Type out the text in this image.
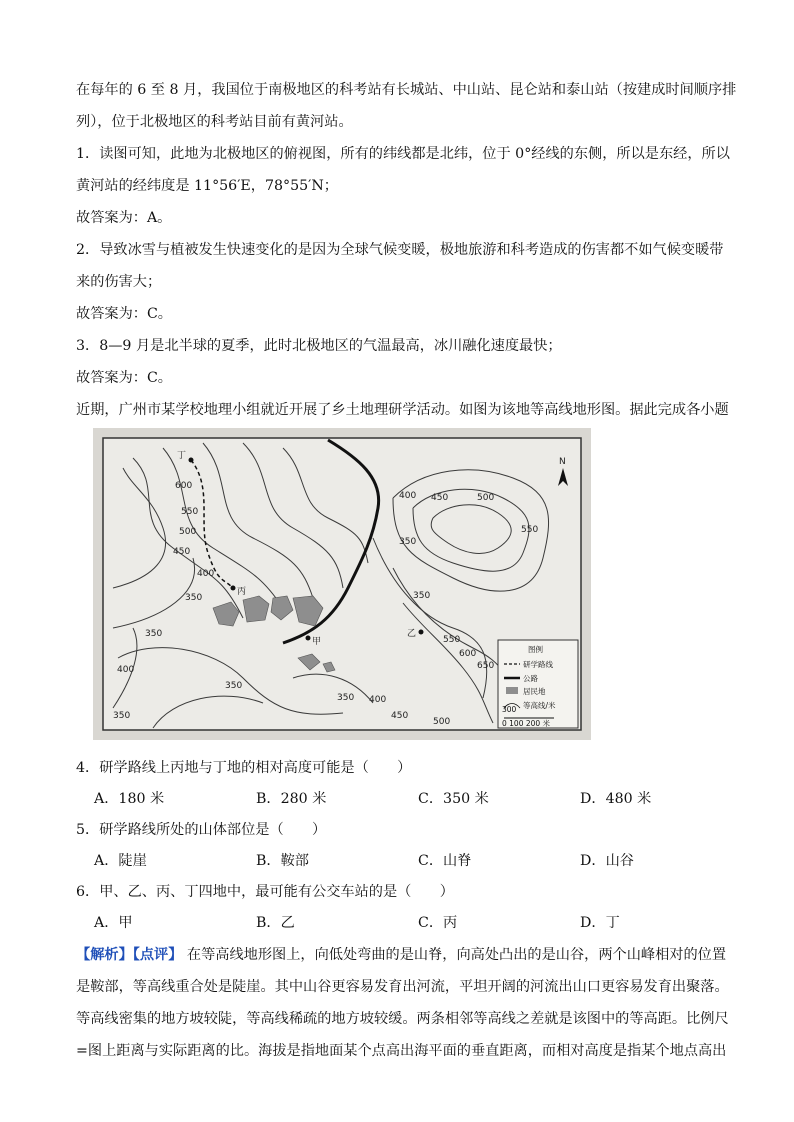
在每年的 6 至 8 月，我国位于南极地区的科考站有长城站、中山站、昆仑站和泰山站（按建成时间顺序排

列），位于北极地区的科考站目前有黄河站。

1．读图可知，此地为北极地区的俯视图，所有的纬线都是北纬，位于 0°经线的东侧，所以是东经，所以

黄河站的经纬度是 11°56′E，78°55′N；

故答案为：A。

2．导致冰雪与植被发生快速变化的是因为全球气候变暖，极地旅游和科考造成的伤害都不如气候变暖带

来的伤害大；

故答案为：C。

3．8—9 月是北半球的夏季，此时北极地区的气温最高，冰川融化速度最快；

故答案为：C。

近期，广州市某学校地理小组就近开展了乡土地理研学活动。如图为该地等高线地形图。据此完成各小题

丁
丙
甲
乙
N
600
550
500
450
400
350
400 450	500
550
350
350
400
350
350
350
400
450
500
550
600
650
350
图例
研学路线
公路
居民地
300 等高线/米
0 100 200 米

4．研学路线上丙地与丁地的相对高度可能是（　　）

A．180 米	B．280 米	C．350 米	D．480 米

5．研学路线所处的山体部位是（　　）

A．陡崖	B．鞍部	C．山脊	D．山谷

6．甲、乙、丙、丁四地中，最可能有公交车站的是（　　）

A．甲	B．乙	C．丙	D．丁

【解析】【点评】 在等高线地形图上，向低处弯曲的是山脊，向高处凸出的是山谷，两个山峰相对的位置

是鞍部，等高线重合处是陡崖。其中山谷更容易发育出河流，平坦开阔的河流出山口更容易发育出聚落。

等高线密集的地方坡较陡，等高线稀疏的地方坡较缓。两条相邻等高线之差就是该图中的等高距。比例尺

=图上距离与实际距离的比。海拔是指地面某个点高出海平面的垂直距离，而相对高度是指某个地点高出
